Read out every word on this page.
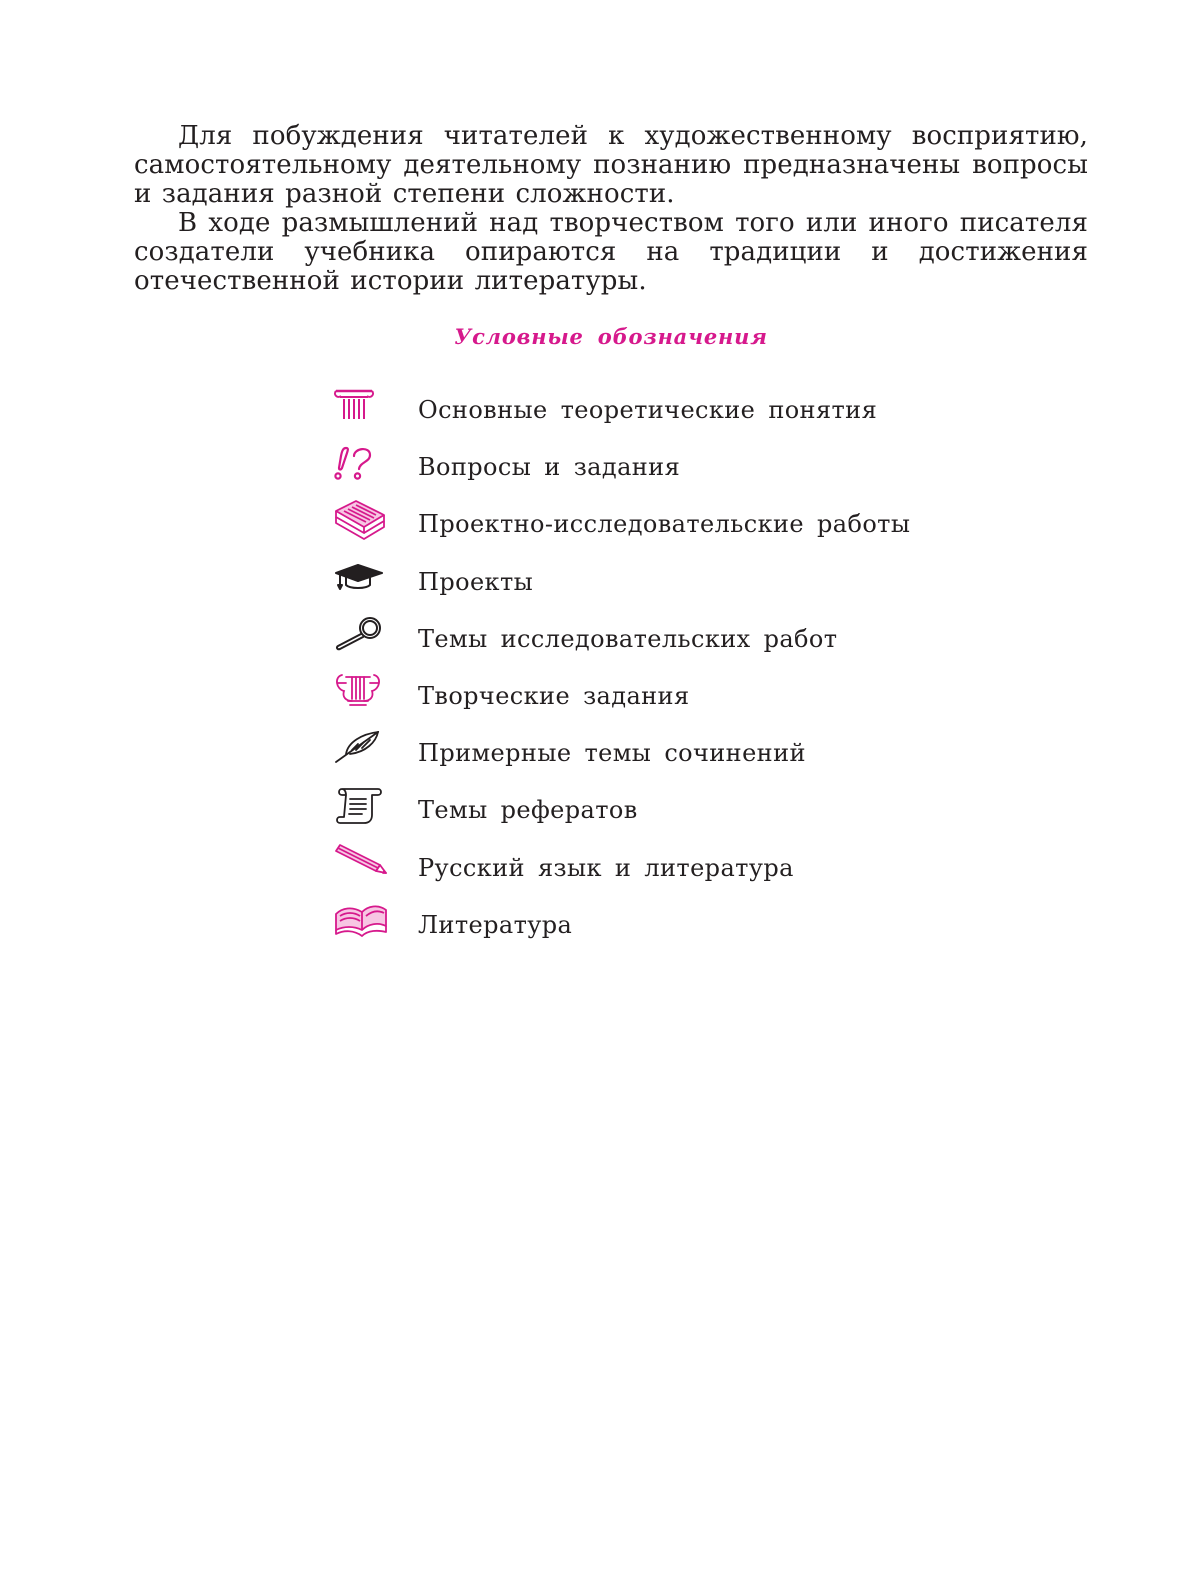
Для побуждения читателей к художественному восприятию, самостоятельному деятельному познанию предназначены вопросы и задания разной степени сложности.

В ходе размышлений над творчеством того или иного писателя создатели учебника опираются на традиции и достижения отечественной истории литературы.

Условные обозначения
Основные теоретические понятия
Вопросы и задания
Проектно-исследовательские работы
Проекты
Темы исследовательских работ
Творческие задания
Примерные темы сочинений
Темы рефератов
Русский язык и литература
Литература
